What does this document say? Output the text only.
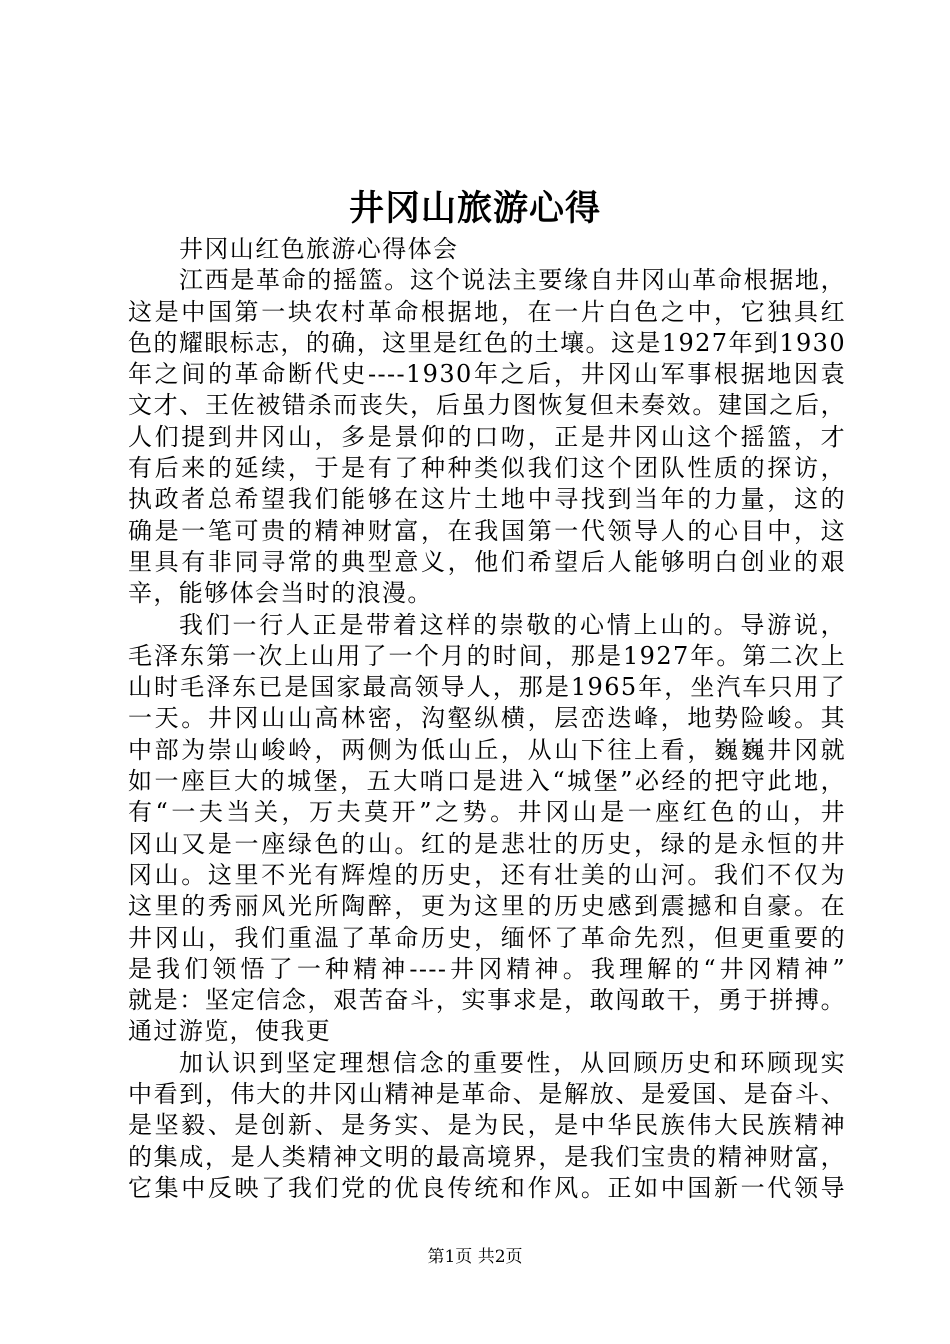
井冈山旅游心得
井冈山红色旅游心得体会
江西是革命的摇篮。这个说法主要缘自井冈山革命根据地，
这是中国第一块农村革命根据地，在一片白色之中，它独具红
色的耀眼标志，的确，这里是红色的土壤。这是1927年到1930
年之间的革命断代史----1930年之后，井冈山军事根据地因袁
文才、王佐被错杀而丧失，后虽力图恢复但未奏效。建国之后，
人们提到井冈山，多是景仰的口吻，正是井冈山这个摇篮，才
有后来的延续，于是有了种种类似我们这个团队性质的探访，
执政者总希望我们能够在这片土地中寻找到当年的力量，这的
确是一笔可贵的精神财富，在我国第一代领导人的心目中，这
里具有非同寻常的典型意义，他们希望后人能够明白创业的艰
辛，能够体会当时的浪漫。
我们一行人正是带着这样的崇敬的心情上山的。导游说，
毛泽东第一次上山用了一个月的时间，那是1927年。第二次上
山时毛泽东已是国家最高领导人，那是1965年，坐汽车只用了
一天。井冈山山高林密，沟壑纵横，层峦迭峰，地势险峻。其
中部为崇山峻岭，两侧为低山丘，从山下往上看，巍巍井冈就
如一座巨大的城堡，五大哨口是进入“城堡”必经的把守此地，
有“一夫当关，万夫莫开”之势。井冈山是一座红色的山，井
冈山又是一座绿色的山。红的是悲壮的历史，绿的是永恒的井
冈山。这里不光有辉煌的历史，还有壮美的山河。我们不仅为
这里的秀丽风光所陶醉，更为这里的历史感到震撼和自豪。在
井冈山，我们重温了革命历史，缅怀了革命先烈，但更重要的
是我们领悟了一种精神----井冈精神。我理解的“井冈精神”
就是：坚定信念，艰苦奋斗，实事求是，敢闯敢干，勇于拼搏。
通过游览，使我更
加认识到坚定理想信念的重要性，从回顾历史和环顾现实
中看到，伟大的井冈山精神是革命、是解放、是爱国、是奋斗、
是坚毅、是创新、是务实、是为民，是中华民族伟大民族精神
的集成，是人类精神文明的最高境界，是我们宝贵的精神财富，
它集中反映了我们党的优良传统和作风。正如中国新一代领导
第1页 共2页
